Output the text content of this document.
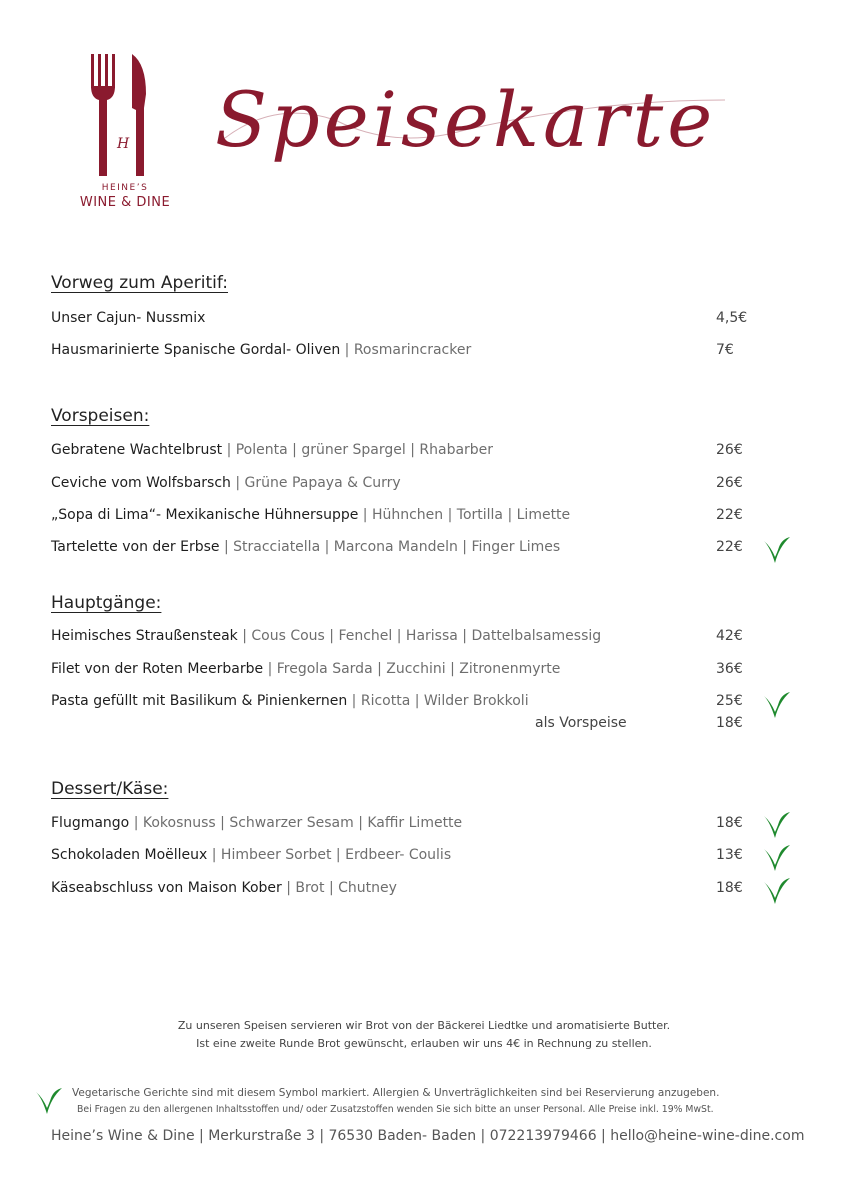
H
HEINE’S
WINE & DINE
Speisekarte
Vorweg zum Aperitif:
Unser Cajun- Nussmix	4,5€
Hausmarinierte Spanische Gordal- Oliven | Rosmarincracker	7€
Vorspeisen:
Gebratene Wachtelbrust | Polenta | grüner Spargel | Rhabarber	26€
Ceviche vom Wolfsbarsch | Grüne Papaya & Curry	26€
„Sopa di Lima“- Mexikanische Hühnersuppe | Hühnchen | Tortilla | Limette	22€
Tartelette von der Erbse | Stracciatella | Marcona Mandeln | Finger Limes	22€
Hauptgänge:
Heimisches Straußensteak | Cous Cous | Fenchel | Harissa | Dattelbalsamessig	42€
Filet von der Roten Meerbarbe | Fregola Sarda | Zucchini | Zitronenmyrte	36€
Pasta gefüllt mit Basilikum & Pinienkernen | Ricotta | Wilder Brokkoli	25€
als Vorspeise	18€
Dessert/Käse:
Flugmango | Kokosnuss | Schwarzer Sesam | Kaffir Limette	18€
Schokoladen Moëlleux | Himbeer Sorbet | Erdbeer- Coulis	13€
Käseabschluss von Maison Kober | Brot | Chutney	18€
Zu unseren Speisen servieren wir Brot von der Bäckerei Liedtke und aromatisierte Butter.
Ist eine zweite Runde Brot gewünscht, erlauben wir uns 4€ in Rechnung zu stellen.
Vegetarische Gerichte sind mit diesem Symbol markiert. Allergien & Unverträglichkeiten sind bei Reservierung anzugeben.
Bei Fragen zu den allergenen Inhaltsstoffen und/ oder Zusatzstoffen wenden Sie sich bitte an unser Personal. Alle Preise inkl. 19% MwSt.
Heine’s Wine & Dine | Merkurstraße 3 | 76530 Baden- Baden | 072213979466 | hello@heine-wine-dine.com
